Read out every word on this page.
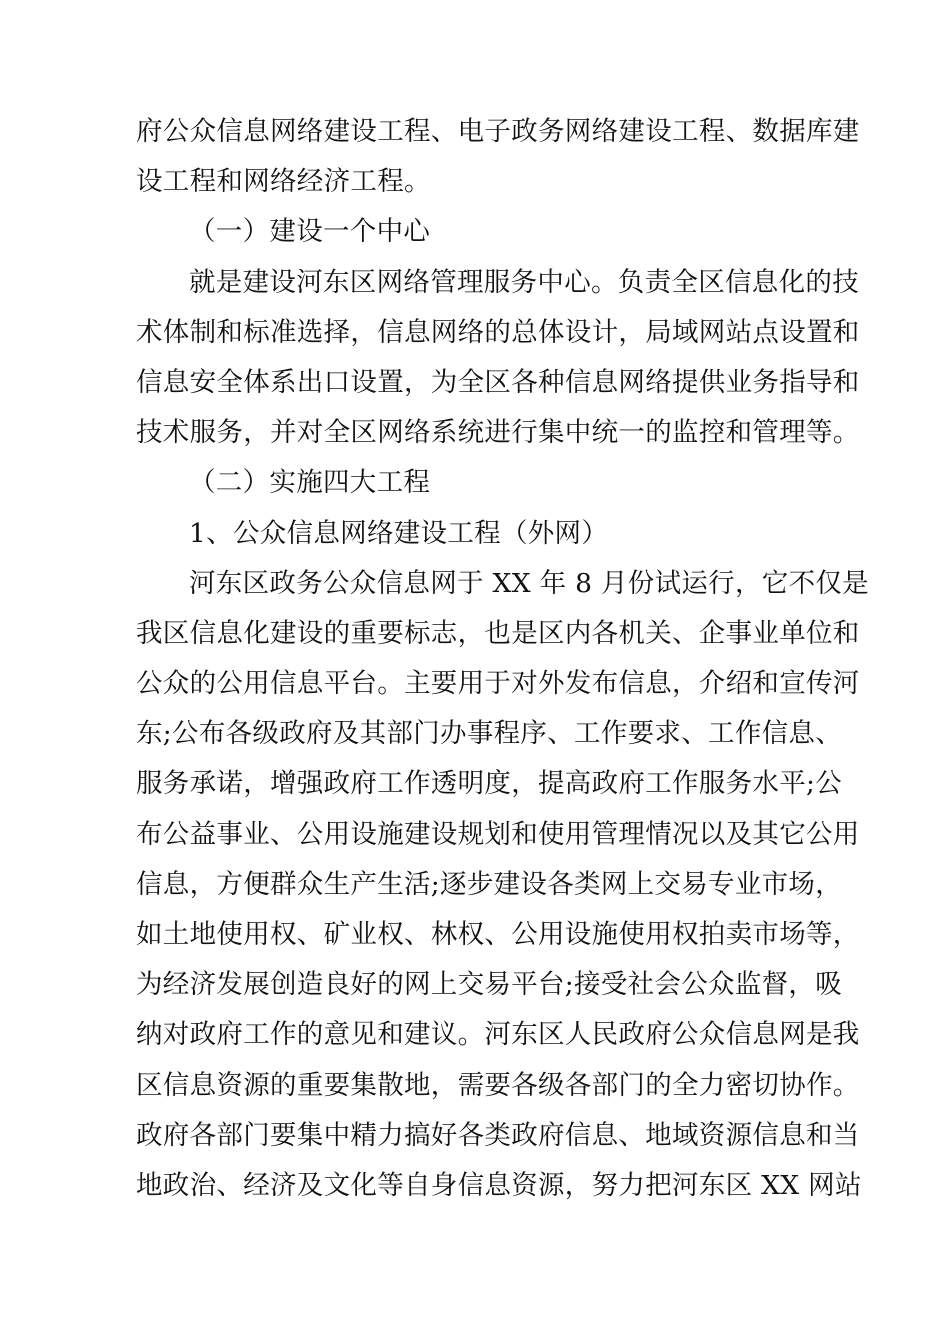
府公众信息网络建设工程、电子政务网络建设工程、数据库建
设工程和网络经济工程。
（一）建设一个中心
就是建设河东区网络管理服务中心。负责全区信息化的技
术体制和标准选择，信息网络的总体设计，局域网站点设置和
信息安全体系出口设置，为全区各种信息网络提供业务指导和
技术服务，并对全区网络系统进行集中统一的监控和管理等。
（二）实施四大工程
1、公众信息网络建设工程（外网）
河东区政务公众信息网于 XX 年 8 月份试运行，它不仅是
我区信息化建设的重要标志，也是区内各机关、企事业单位和
公众的公用信息平台。主要用于对外发布信息，介绍和宣传河
东;公布各级政府及其部门办事程序、工作要求、工作信息、
服务承诺，增强政府工作透明度，提高政府工作服务水平;公
布公益事业、公用设施建设规划和使用管理情况以及其它公用
信息，方便群众生产生活;逐步建设各类网上交易专业市场，
如土地使用权、矿业权、林权、公用设施使用权拍卖市场等，
为经济发展创造良好的网上交易平台;接受社会公众监督，吸
纳对政府工作的意见和建议。河东区人民政府公众信息网是我
区信息资源的重要集散地，需要各级各部门的全力密切协作。
政府各部门要集中精力搞好各类政府信息、地域资源信息和当
地政治、经济及文化等自身信息资源，努力把河东区 XX 网站
